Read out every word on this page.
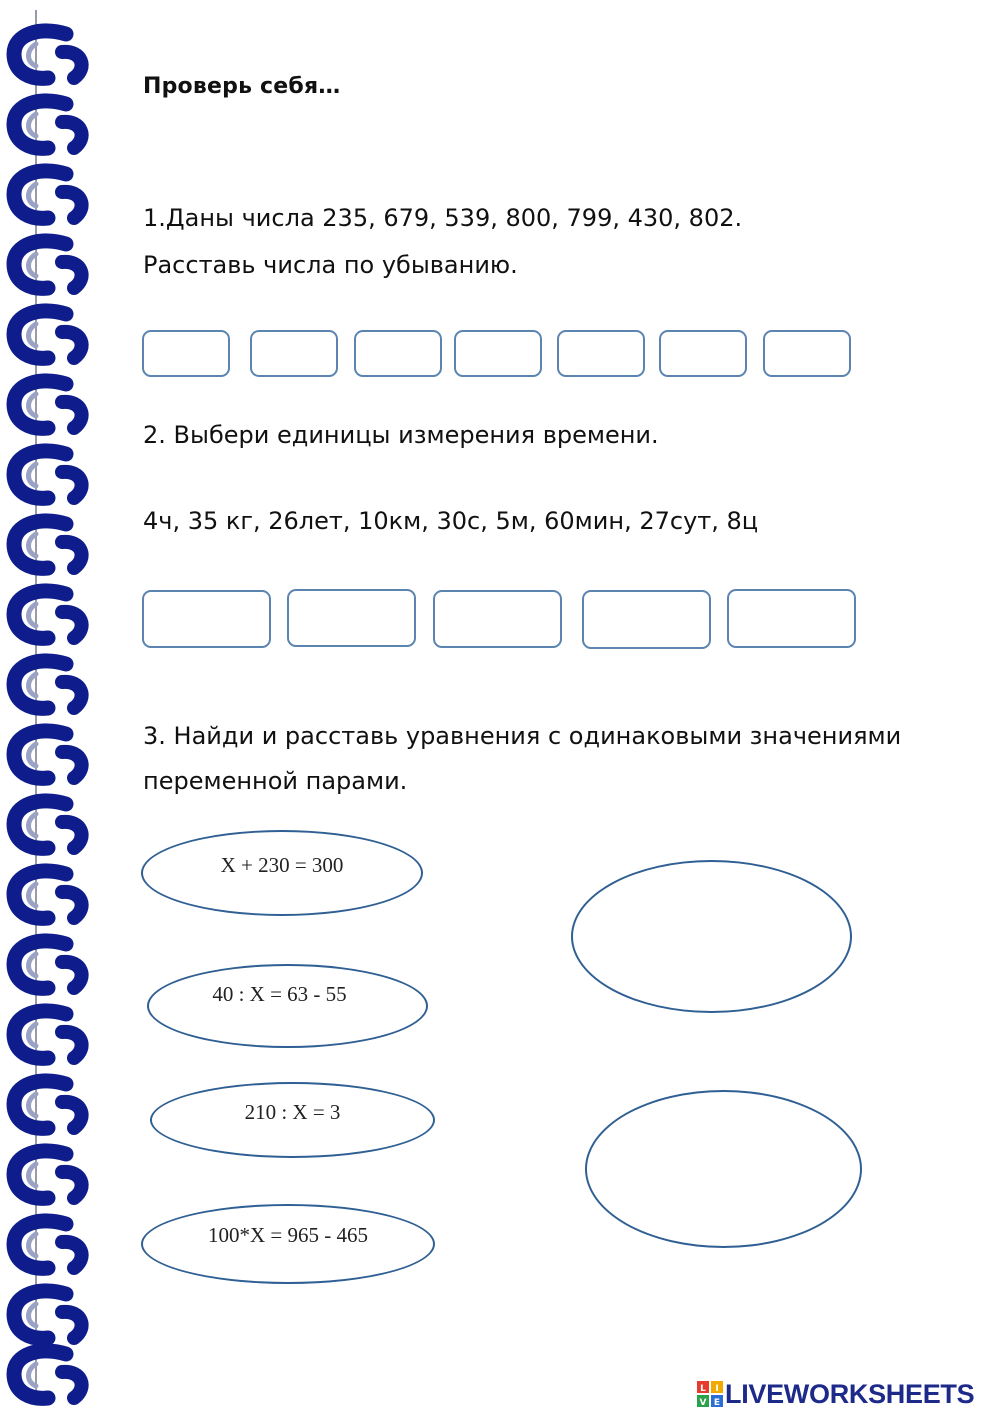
Проверь себя…
1.Даны числа 235, 679, 539, 800, 799, 430, 802.
Расставь числа по убыванию.
2. Выбери единицы измерения времени.
4ч, 35 кг, 26лет, 10км, 30с, 5м, 60мин, 27сут, 8ц
3. Найди и расставь уравнения с одинаковыми значениями
переменной парами.
X + 230 = 300
40 : X = 63 - 55
210 : X = 3
100*X = 965 - 465
L I
V E LIVEWORKSHEETS
